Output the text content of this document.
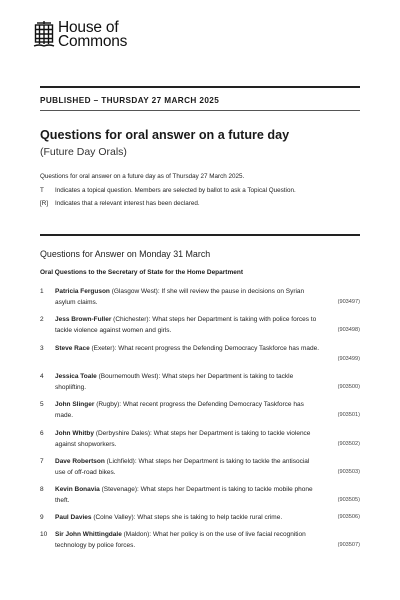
House of
Commons
PUBLISHED – THURSDAY 27 MARCH 2025
Questions for oral answer on a future day
(Future Day Orals)
Questions for oral answer on a future day as of Thursday 27 March 2025.
T Indicates a topical question. Members are selected by ballot to ask a Topical Question.
[R] Indicates that a relevant interest has been declared.
Questions for Answer on Monday 31 March
Oral Questions to the Secretary of State for the Home Department
1	Patricia Ferguson (Glasgow West): If she will review the pause in decisions on Syrian
asylum claims.	(903497)
2	Jess Brown-Fuller (Chichester): What steps her Department is taking with police forces to
tackle violence against women and girls.	(903498)
3	Steve Race (Exeter): What recent progress the Defending Democracy Taskforce has made.
(903499)
4	Jessica Toale (Bournemouth West): What steps her Department is taking to tackle
shoplifting.	(903500)
5	John Slinger (Rugby): What recent progress the Defending Democracy Taskforce has
made.	(903501)
6	John Whitby (Derbyshire Dales): What steps her Department is taking to tackle violence
against shopworkers.	(903502)
7	Dave Robertson (Lichfield): What steps her Department is taking to tackle the antisocial
use of off-road bikes.	(903503)
8	Kevin Bonavia (Stevenage): What steps her Department is taking to tackle mobile phone
theft.	(903505)
9	Paul Davies (Colne Valley): What steps she is taking to help tackle rural crime.	(903506)
10	Sir John Whittingdale (Maldon): What her policy is on the use of live facial recognition
technology by police forces.	(903507)
